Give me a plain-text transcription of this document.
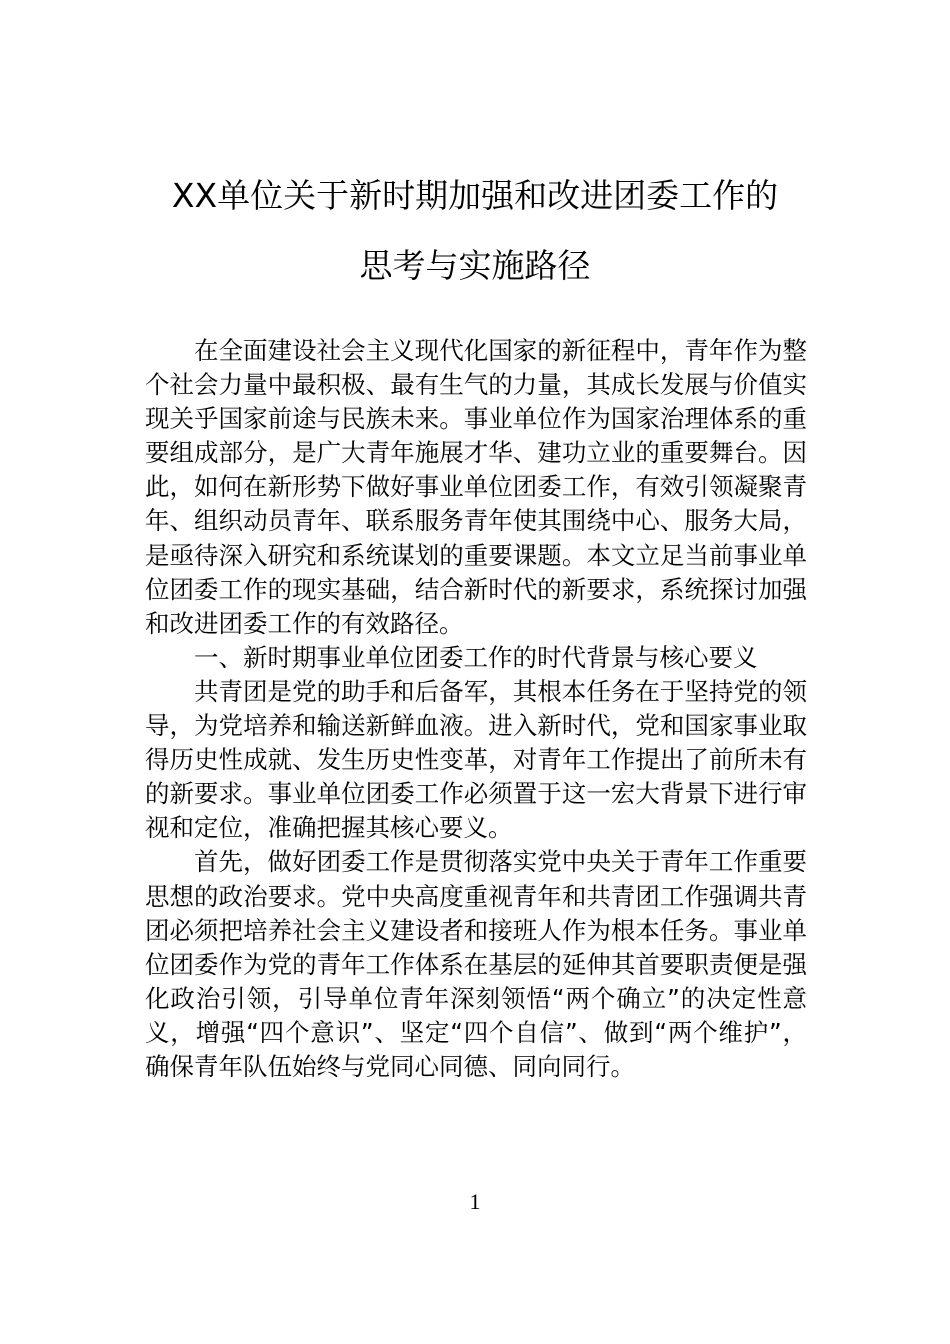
XX单位关于新时期加强和改进团委工作的
思考与实施路径

在全面建设社会主义现代化国家的新征程中，青年作为整个社会力量中最积极、最有生气的力量，其成长发展与价值实现关乎国家前途与民族未来。事业单位作为国家治理体系的重要组成部分，是广大青年施展才华、建功立业的重要舞台。因此，如何在新形势下做好事业单位团委工作，有效引领凝聚青年、组织动员青年、联系服务青年使其围绕中心、服务大局，是亟待深入研究和系统谋划的重要课题。本文立足当前事业单位团委工作的现实基础，结合新时代的新要求，系统探讨加强和改进团委工作的有效路径。

一、新时期事业单位团委工作的时代背景与核心要义

共青团是党的助手和后备军，其根本任务在于坚持党的领导，为党培养和输送新鲜血液。进入新时代，党和国家事业取得历史性成就、发生历史性变革，对青年工作提出了前所未有的新要求。事业单位团委工作必须置于这一宏大背景下进行审视和定位，准确把握其核心要义。

首先，做好团委工作是贯彻落实党中央关于青年工作重要思想的政治要求。党中央高度重视青年和共青团工作强调共青团必须把培养社会主义建设者和接班人作为根本任务。事业单位团委作为党的青年工作体系在基层的延伸其首要职责便是强化政治引领，引导单位青年深刻领悟“两个确立”的决定性意义，增强“四个意识”、坚定“四个自信”、做到“两个维护”，确保青年队伍始终与党同心同德、同向同行。

1
